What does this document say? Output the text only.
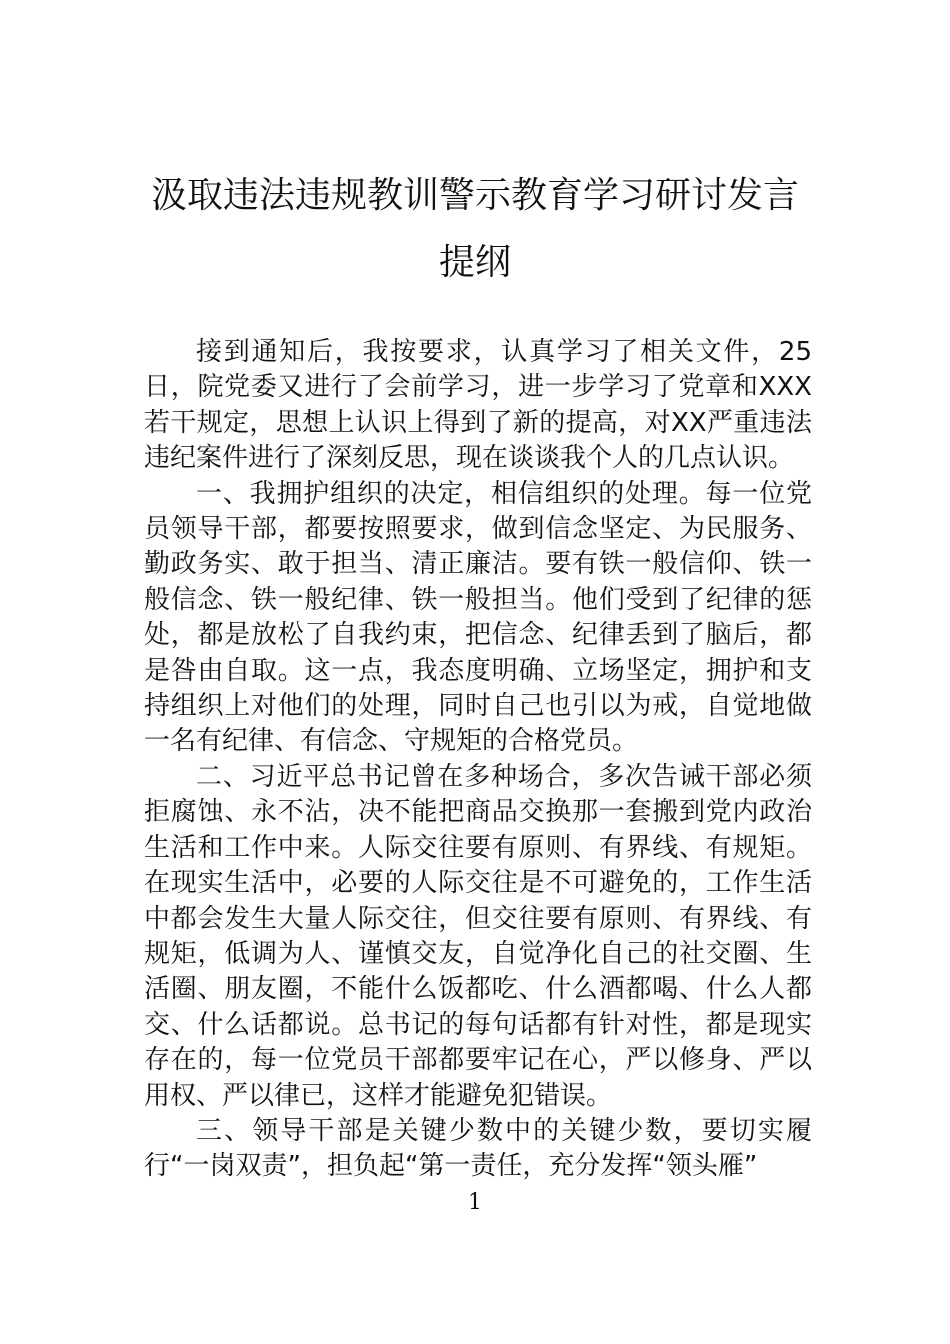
汲取违法违规教训警示教育学习研讨发言
提纲

接到通知后，我按要求，认真学习了相关文件，25日，院党委又进行了会前学习，进一步学习了党章和XXX若干规定，思想上认识上得到了新的提高，对XX严重违法违纪案件进行了深刻反思，现在谈谈我个人的几点认识。

一、我拥护组织的决定，相信组织的处理。每一位党员领导干部，都要按照要求，做到信念坚定、为民服务、勤政务实、敢于担当、清正廉洁。要有铁一般信仰、铁一般信念、铁一般纪律、铁一般担当。他们受到了纪律的惩处，都是放松了自我约束，把信念、纪律丢到了脑后，都是咎由自取。这一点，我态度明确、立场坚定，拥护和支持组织上对他们的处理，同时自己也引以为戒，自觉地做一名有纪律、有信念、守规矩的合格党员。

二、习近平总书记曾在多种场合，多次告诫干部必须拒腐蚀、永不沾，决不能把商品交换那一套搬到党内政治生活和工作中来。人际交往要有原则、有界线、有规矩。在现实生活中，必要的人际交往是不可避免的，工作生活中都会发生大量人际交往，但交往要有原则、有界线、有规矩，低调为人、谨慎交友，自觉净化自己的社交圈、生活圈、朋友圈，不能什么饭都吃、什么酒都喝、什么人都交、什么话都说。总书记的每句话都有针对性，都是现实存在的，每一位党员干部都要牢记在心，严以修身、严以用权、严以律已，这样才能避免犯错误。

三、领导干部是关键少数中的关键少数，要切实履行“一岗双责”，担负起“第一责任，充分发挥“领头雁”

1
